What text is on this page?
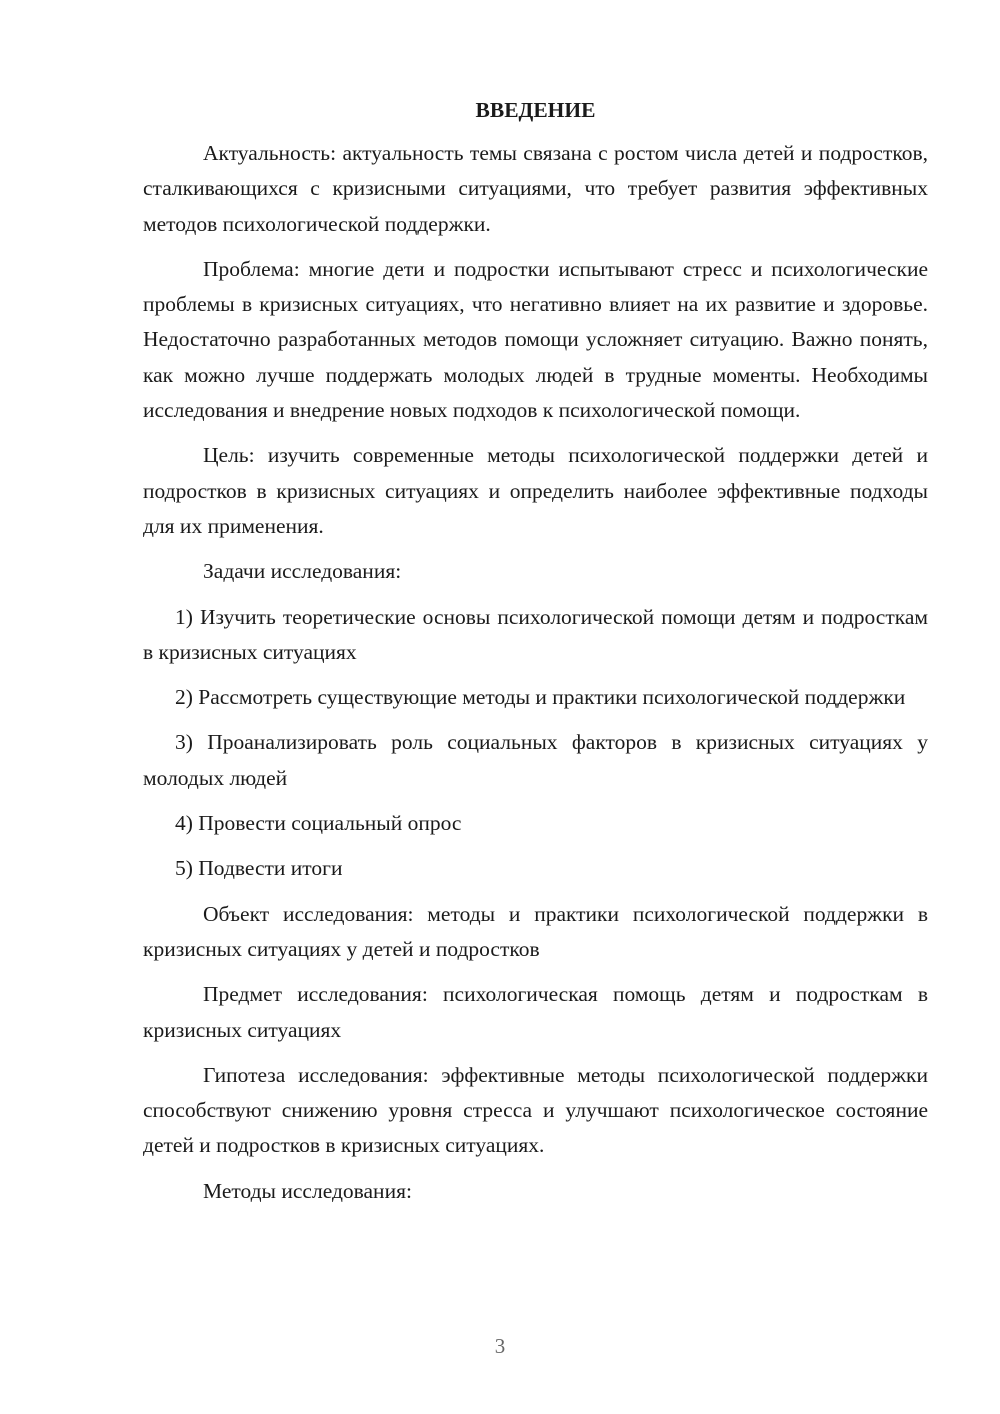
ВВЕДЕНИЕ

Актуальность: актуальность темы связана с ростом числа детей и подростков, сталкивающихся с кризисными ситуациями, что требует развития эффективных методов психологической поддержки.

Проблема: многие дети и подростки испытывают стресс и психологические проблемы в кризисных ситуациях, что негативно влияет на их развитие и здоровье. Недостаточно разработанных методов помощи усложняет ситуацию. Важно понять, как можно лучше поддержать молодых людей в трудные моменты. Необходимы исследования и внедрение новых подходов к психологической помощи.

Цель: изучить современные методы психологической поддержки детей и подростков в кризисных ситуациях и определить наиболее эффективные подходы для их применения.

Задачи исследования:

1) Изучить теоретические основы психологической помощи детям и подросткам в кризисных ситуациях

2) Рассмотреть существующие методы и практики психологической поддержки

3) Проанализировать роль социальных факторов в кризисных ситуациях у молодых людей

4) Провести социальный опрос

5) Подвести итоги

Объект исследования: методы и практики психологической поддержки в кризисных ситуациях у детей и подростков

Предмет исследования: психологическая помощь детям и подросткам в кризисных ситуациях

Гипотеза исследования: эффективные методы психологической поддержки способствуют снижению уровня стресса и улучшают психологическое состояние детей и подростков в кризисных ситуациях.

Методы исследования:

3
